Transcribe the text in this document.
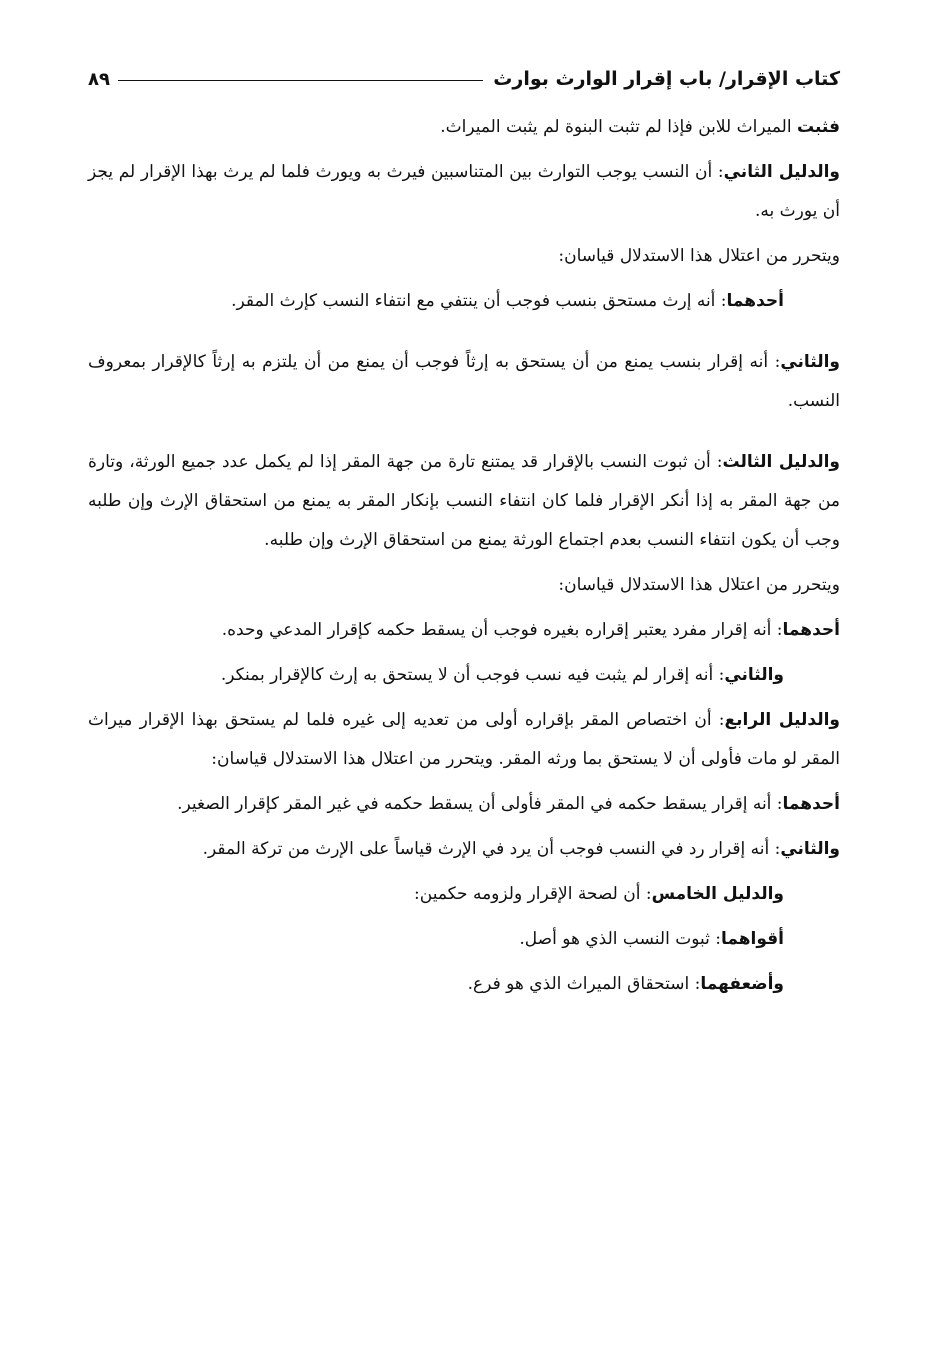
كتاب الإقرار/ باب إقرار الوارث بوارث
٨٩

فثبت الميراث للابن فإذا لم تثبت البنوة لم يثبت الميراث.

والدليل الثاني: أن النسب يوجب التوارث بين المتناسبين فيرث به ويورث فلما لم يرث بهذا الإقرار لم يجز أن يورث به.

ويتحرر من اعتلال هذا الاستدلال قياسان:

أحدهما: أنه إرث مستحق بنسب فوجب أن ينتفي مع انتفاء النسب كإرث المقر.

والثاني: أنه إقرار بنسب يمنع من أن يستحق به إرثاً فوجب أن يمنع من أن يلتزم به إرثاً كالإقرار بمعروف النسب.

والدليل الثالث: أن ثبوت النسب بالإقرار قد يمتنع تارة من جهة المقر إذا لم يكمل عدد جميع الورثة، وتارة من جهة المقر به إذا أنكر الإقرار فلما كان انتفاء النسب بإنكار المقر به يمنع من استحقاق الإرث وإن طلبه وجب أن يكون انتفاء النسب بعدم اجتماع الورثة يمنع من استحقاق الإرث وإن طلبه.

ويتحرر من اعتلال هذا الاستدلال قياسان:

أحدهما: أنه إقرار مفرد يعتبر إقراره بغيره فوجب أن يسقط حكمه كإقرار المدعي وحده.

والثاني: أنه إقرار لم يثبت فيه نسب فوجب أن لا يستحق به إرث كالإقرار بمنكر.

والدليل الرابع: أن اختصاص المقر بإقراره أولى من تعديه إلى غيره فلما لم يستحق بهذا الإقرار ميراث المقر لو مات فأولى أن لا يستحق بما ورثه المقر. ويتحرر من اعتلال هذا الاستدلال قياسان:

أحدهما: أنه إقرار يسقط حكمه في المقر فأولى أن يسقط حكمه في غير المقر كإقرار الصغير.

والثاني: أنه إقرار رد في النسب فوجب أن يرد في الإرث قياساً على الإرث من تركة المقر.

والدليل الخامس: أن لصحة الإقرار ولزومه حكمين:

أقواهما: ثبوت النسب الذي هو أصل.

وأضعفهما: استحقاق الميراث الذي هو فرع.
